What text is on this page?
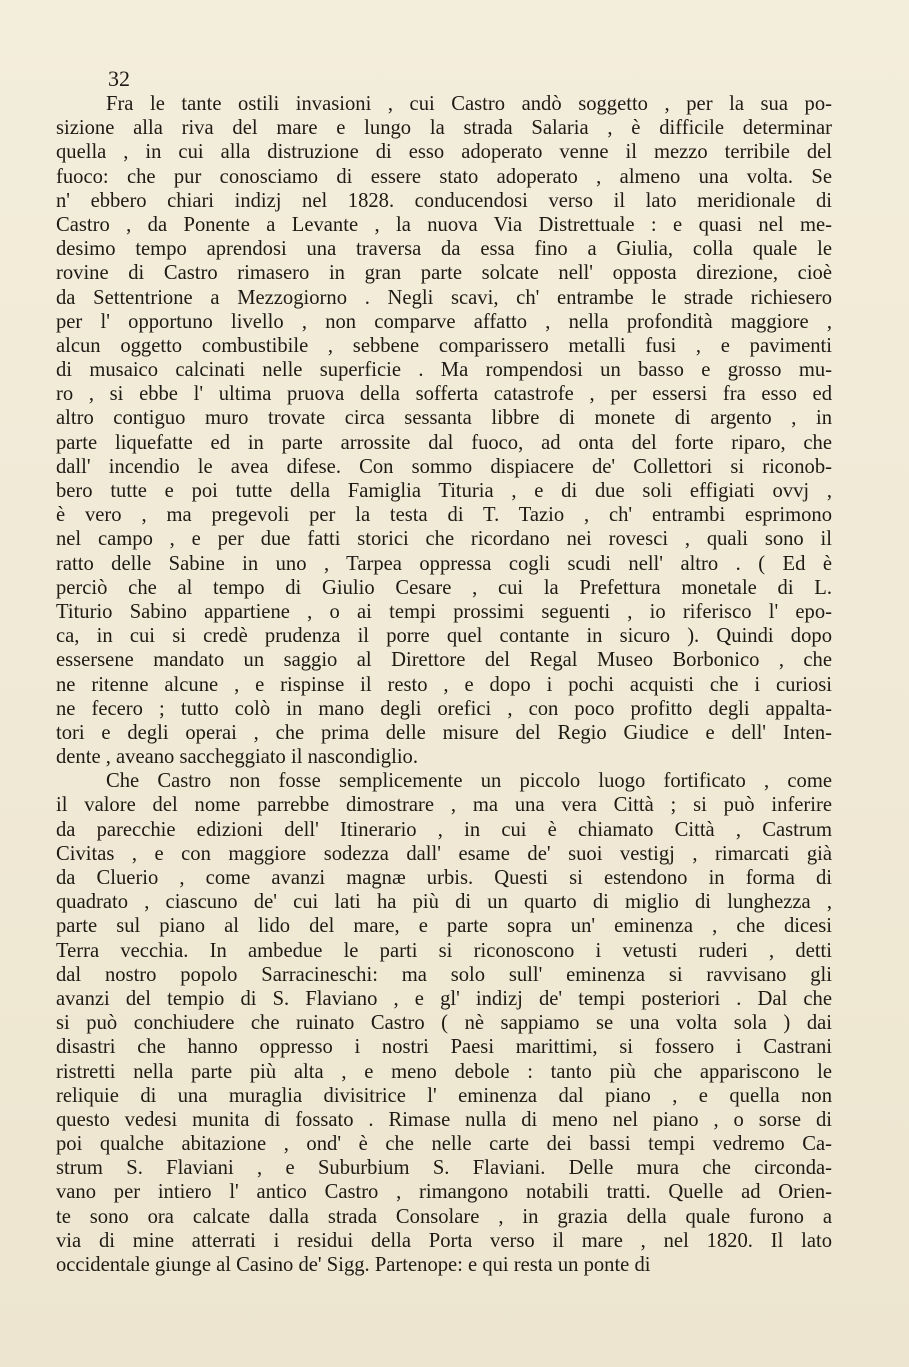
32
Fra le tante ostili invasioni , cui Castro andò soggetto , per la sua po-
sizione alla riva del mare e lungo la strada Salaria , è difficile determinar
quella , in cui alla distruzione di esso adoperato venne il mezzo terribile del
fuoco: che pur conosciamo di essere stato adoperato , almeno una volta. Se
n' ebbero chiari indizj nel 1828. conducendosi verso il lato meridionale di
Castro , da Ponente a Levante , la nuova Via Distrettuale : e quasi nel me-
desimo tempo aprendosi una traversa da essa fino a Giulia, colla quale le
rovine di Castro rimasero in gran parte solcate nell' opposta direzione, cioè
da Settentrione a Mezzogiorno . Negli scavi, ch' entrambe le strade richiesero
per l' opportuno livello , non comparve affatto , nella profondità maggiore ,
alcun oggetto combustibile , sebbene comparissero metalli fusi , e pavimenti
di musaico calcinati nelle superficie . Ma rompendosi un basso e grosso mu-
ro , si ebbe l' ultima pruova della sofferta catastrofe , per essersi fra esso ed
altro contiguo muro trovate circa sessanta libbre di monete di argento , in
parte liquefatte ed in parte arrossite dal fuoco, ad onta del forte riparo, che
dall' incendio le avea difese. Con sommo dispiacere de' Collettori si riconob-
bero tutte e poi tutte della Famiglia Tituria , e di due soli effigiati ovvj ,
è vero , ma pregevoli per la testa di T. Tazio , ch' entrambi esprimono
nel campo , e per due fatti storici che ricordano nei rovesci , quali sono il
ratto delle Sabine in uno , Tarpea oppressa cogli scudi nell' altro . ( Ed è
perciò che al tempo di Giulio Cesare , cui la Prefettura monetale di L.
Titurio Sabino appartiene , o ai tempi prossimi seguenti , io riferisco l' epo-
ca, in cui si credè prudenza il porre quel contante in sicuro ). Quindi dopo
essersene mandato un saggio al Direttore del Regal Museo Borbonico , che
ne ritenne alcune , e rispinse il resto , e dopo i pochi acquisti che i curiosi
ne fecero ; tutto colò in mano degli orefici , con poco profitto degli appalta-
tori e degli operai , che prima delle misure del Regio Giudice e dell' Inten-
dente , aveano saccheggiato il nascondiglio.
Che Castro non fosse semplicemente un piccolo luogo fortificato , come
il valore del nome parrebbe dimostrare , ma una vera Città ; si può inferire
da parecchie edizioni dell' Itinerario , in cui è chiamato Città , Castrum
Civitas , e con maggiore sodezza dall' esame de' suoi vestigj , rimarcati già
da Cluerio , come avanzi magnæ urbis. Questi si estendono in forma di
quadrato , ciascuno de' cui lati ha più di un quarto di miglio di lunghezza ,
parte sul piano al lido del mare, e parte sopra un' eminenza , che dicesi
Terra vecchia. In ambedue le parti si riconoscono i vetusti ruderi , detti
dal nostro popolo Sarracineschi: ma solo sull' eminenza si ravvisano gli
avanzi del tempio di S. Flaviano , e gl' indizj de' tempi posteriori . Dal che
si può conchiudere che ruinato Castro ( nè sappiamo se una volta sola ) dai
disastri che hanno oppresso i nostri Paesi marittimi, si fossero i Castrani
ristretti nella parte più alta , e meno debole : tanto più che appariscono le
reliquie di una muraglia divisitrice l' eminenza dal piano , e quella non
questo vedesi munita di fossato . Rimase nulla di meno nel piano , o sorse di
poi qualche abitazione , ond' è che nelle carte dei bassi tempi vedremo Ca-
strum S. Flaviani , e Suburbium S. Flaviani. Delle mura che circonda-
vano per intiero l' antico Castro , rimangono notabili tratti. Quelle ad Orien-
te sono ora calcate dalla strada Consolare , in grazia della quale furono a
via di mine atterrati i residui della Porta verso il mare , nel 1820. Il lato
occidentale giunge al Casino de' Sigg. Partenope: e qui resta un ponte di
